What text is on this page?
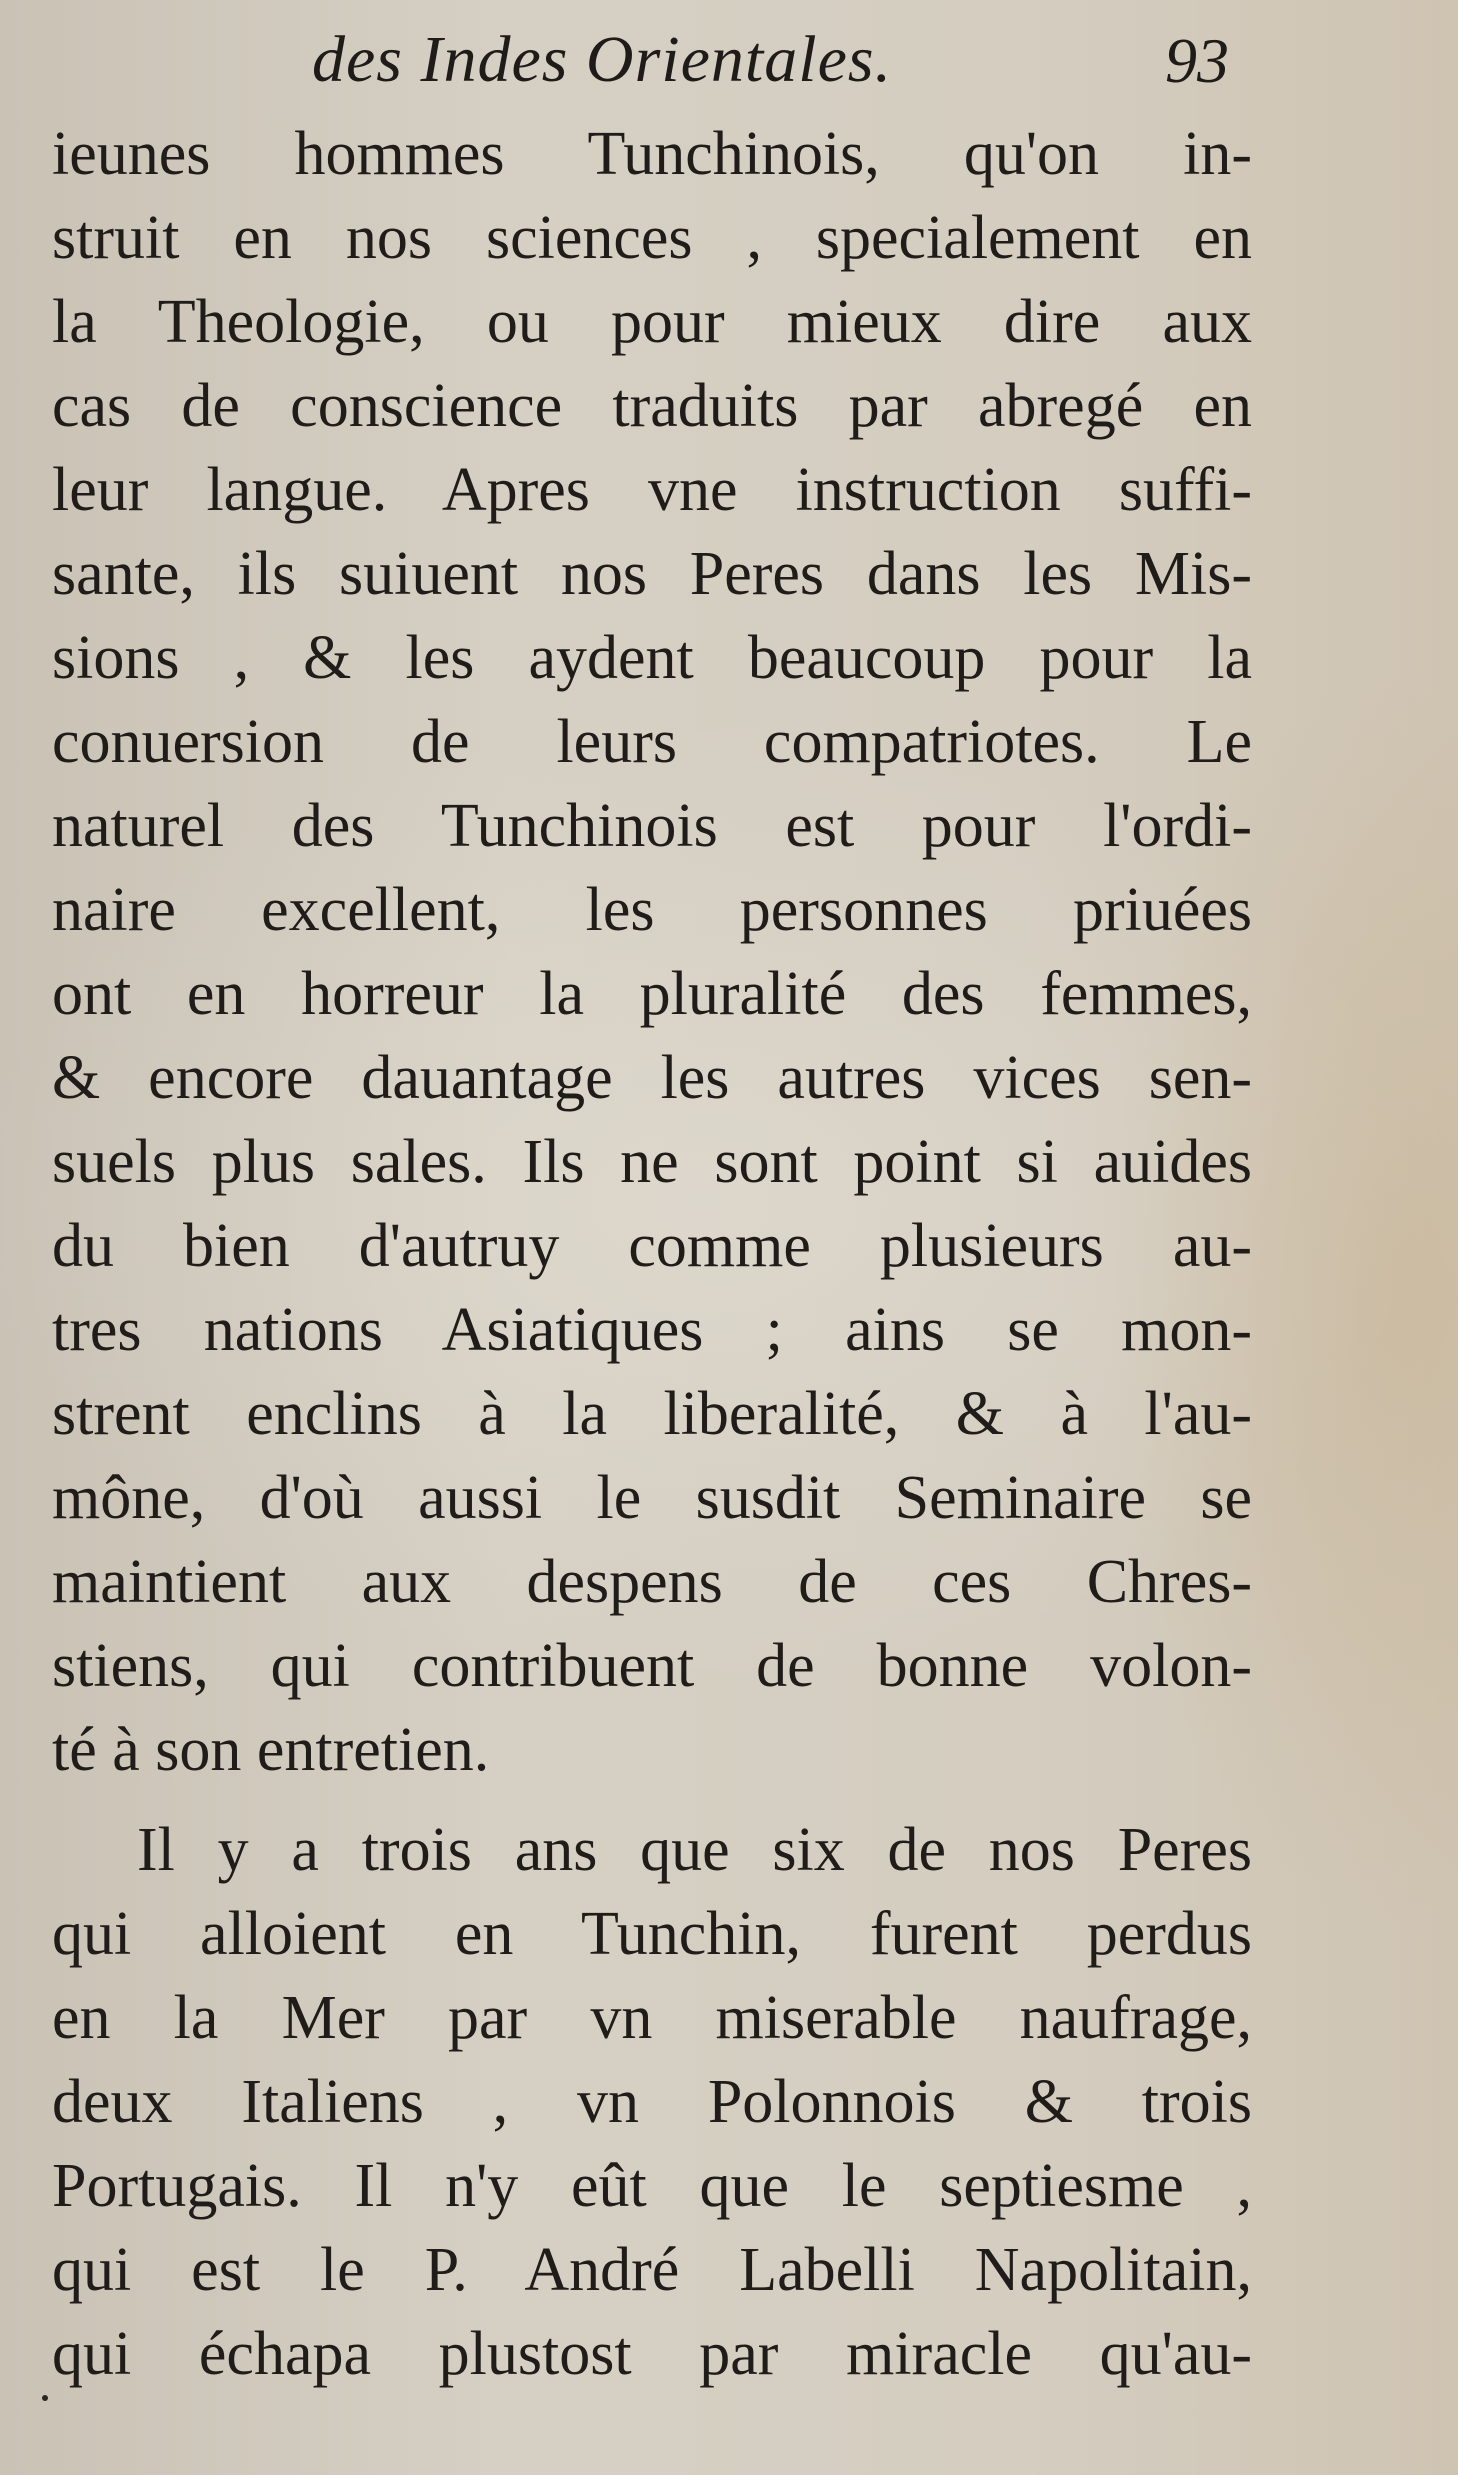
des Indes Orientales.	93
ieunes hommes Tunchinois, qu'on in-
struit en nos sciences , specialement en
la Theologie, ou pour mieux dire aux
cas de conscience traduits par abregé en
leur langue. Apres vne instruction suffi-
sante, ils suiuent nos Peres dans les Mis-
sions , & les aydent beaucoup pour la
conuersion de leurs compatriotes. Le
naturel des Tunchinois est pour l'ordi-
naire excellent, les personnes priuées
ont en horreur la pluralité des femmes,
& encore dauantage les autres vices sen-
suels plus sales. Ils ne sont point si auides
du bien d'autruy comme plusieurs au-
tres nations Asiatiques ; ains se mon-
strent enclins à la liberalité, & à l'au-
mône, d'où aussi le susdit Seminaire se
maintient aux despens de ces Chres-
stiens, qui contribuent de bonne volon-
té à son entretien.
Il y a trois ans que six de nos Peres
qui alloient en Tunchin, furent perdus
en la Mer par vn miserable naufrage,
deux Italiens , vn Polonnois & trois
Portugais. Il n'y eût que le septiesme ,
qui est le P. André Labelli Napolitain,
qui échapa plustost par miracle qu'au-
